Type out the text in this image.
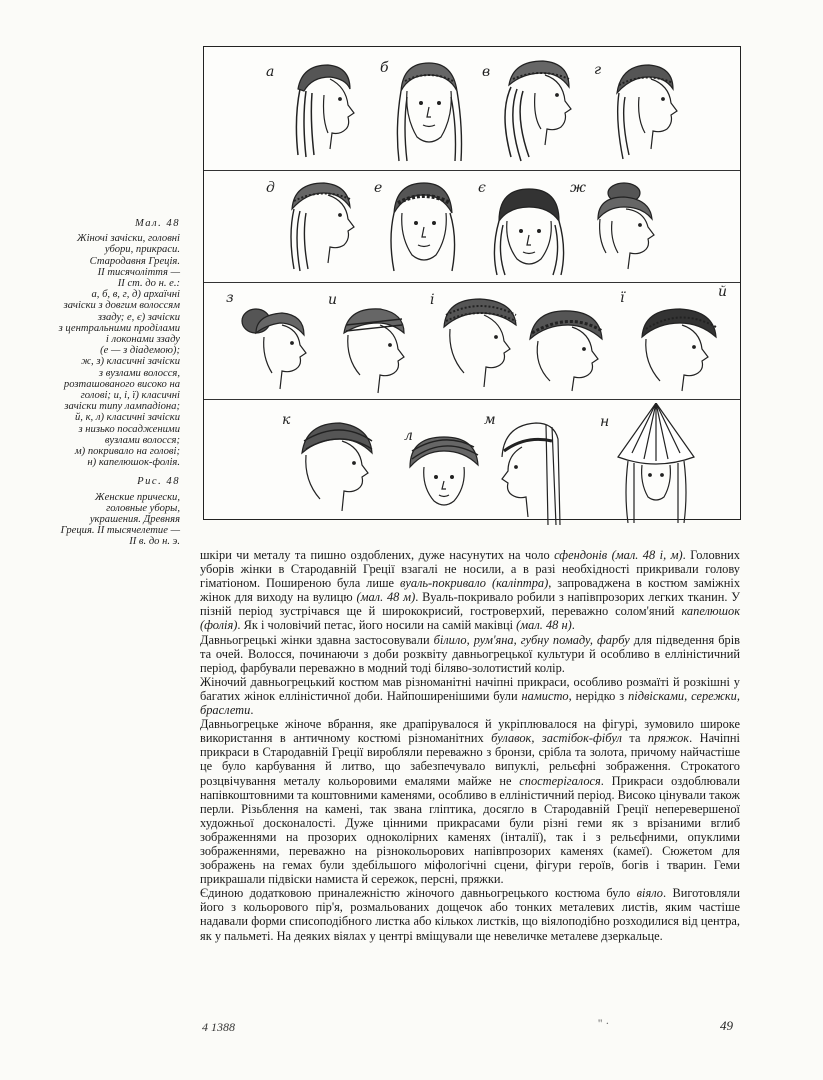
а	б	в	г
д	е	є	ж
з	и	і	ї	й
к
л
м	н
Мал. 48
Жіночі зачіски, головні
убори, прикраси.
Стародавня Греція.
II тисячоліття —
II ст. до н. е.:
а, б, в, г, д) архаїчні
зачіски з довгим волоссям
ззаду; е, є) зачіски
з центральними проділами
і локонами ззаду
(е — з діадемою);
ж, з) класичні зачіски
з вузлами волосся,
розташованого високо на
голові; и, і, ї) класичні
зачіски типу лампадіона;
й, к, л) класичні зачіски
з низько посадженими
вузлами волосся;
м) покривало на голові;
н) капелюшок-фолія.
Рис. 48
Женские прически,
головные уборы,
украшения. Древняя
Греция. II тысячелетие —
II в. до н. э.

шкіри чи металу та пишно оздоблених, дуже насунутих на чоло сфендонів (мал. 48 і, м). Головних уборів жінки в Стародавній Греції взагалі не носили, а в разі необхідності прикривали голову гіматіоном. Поширеною була лише вуаль-покривало (каліптра), запроваджена в костюм заміжніх жінок для виходу на вулицю (мал. 48 м). Вуаль-покривало робили з напівпрозорих легких тканин. У пізній період зустрічався ще й ширококрисий, гостроверхий, переважно солом'яний капелюшок (фолія). Як і чоловічий петас, його носили на самій маківці (мал. 48 н).

Давньогрецькі жінки здавна застосовували білило, рум'яна, губну помаду, фарбу для підведення брів та очей. Волосся, починаючи з доби розквіту давньогрецької культури й особливо в елліністичний період, фарбували переважно в модний тоді біляво-золотистий колір.

Жіночий давньогрецький костюм мав різноманітні начіпні прикраси, особливо розмаїті й розкішні у багатих жінок елліністичної доби. Найпоширенішими були намисто, нерідко з підвісками, сережки, браслети.

Давньогрецьке жіноче вбрання, яке драпірувалося й укріплювалося на фігурі, зумовило широке використання в античному костюмі різноманітних булавок, застібок-фібул та пряжок. Начіпні прикраси в Стародавній Греції виробляли переважно з бронзи, срібла та золота, причому найчастіше це було карбування й литво, що забезпечувало випуклі, рельєфні зображення. Строкатого розцвічування металу кольоровими емалями майже не спостерігалося. Прикраси оздоблювали напівкоштовними та коштовними каменями, особливо в елліністичний період. Високо цінували також перли. Різьблення на камені, так звана гліптика, досягло в Стародавній Греції неперевершеної художньої досконалості. Дуже цінними прикрасами були різні геми як з врізаними вглиб зображеннями на прозорих одноколірних каменях (інталії), так і з рельєфними, опуклими зображеннями, переважно на різнокольорових напівпрозорих каменях (камеї). Сюжетом для зображень на гемах були здебільшого міфологічні сцени, фігури героїв, богів і тварин. Геми прикрашали підвіски намиста й сережок, персні, пряжки.

Єдиною додатковою приналежністю жіночого давньогрецького костюма було віяло. Виготовляли його з кольорового пір'я, розмальованих дощечок або тонких металевих листів, яким частіше надавали форми списоподібного листка або кількох листків, що віялоподібно розходилися від центра, як у пальметі. На деяких віялах у центрі вміщували ще невеличке металеве дзеркальце.

4 1388	'' ·	49
